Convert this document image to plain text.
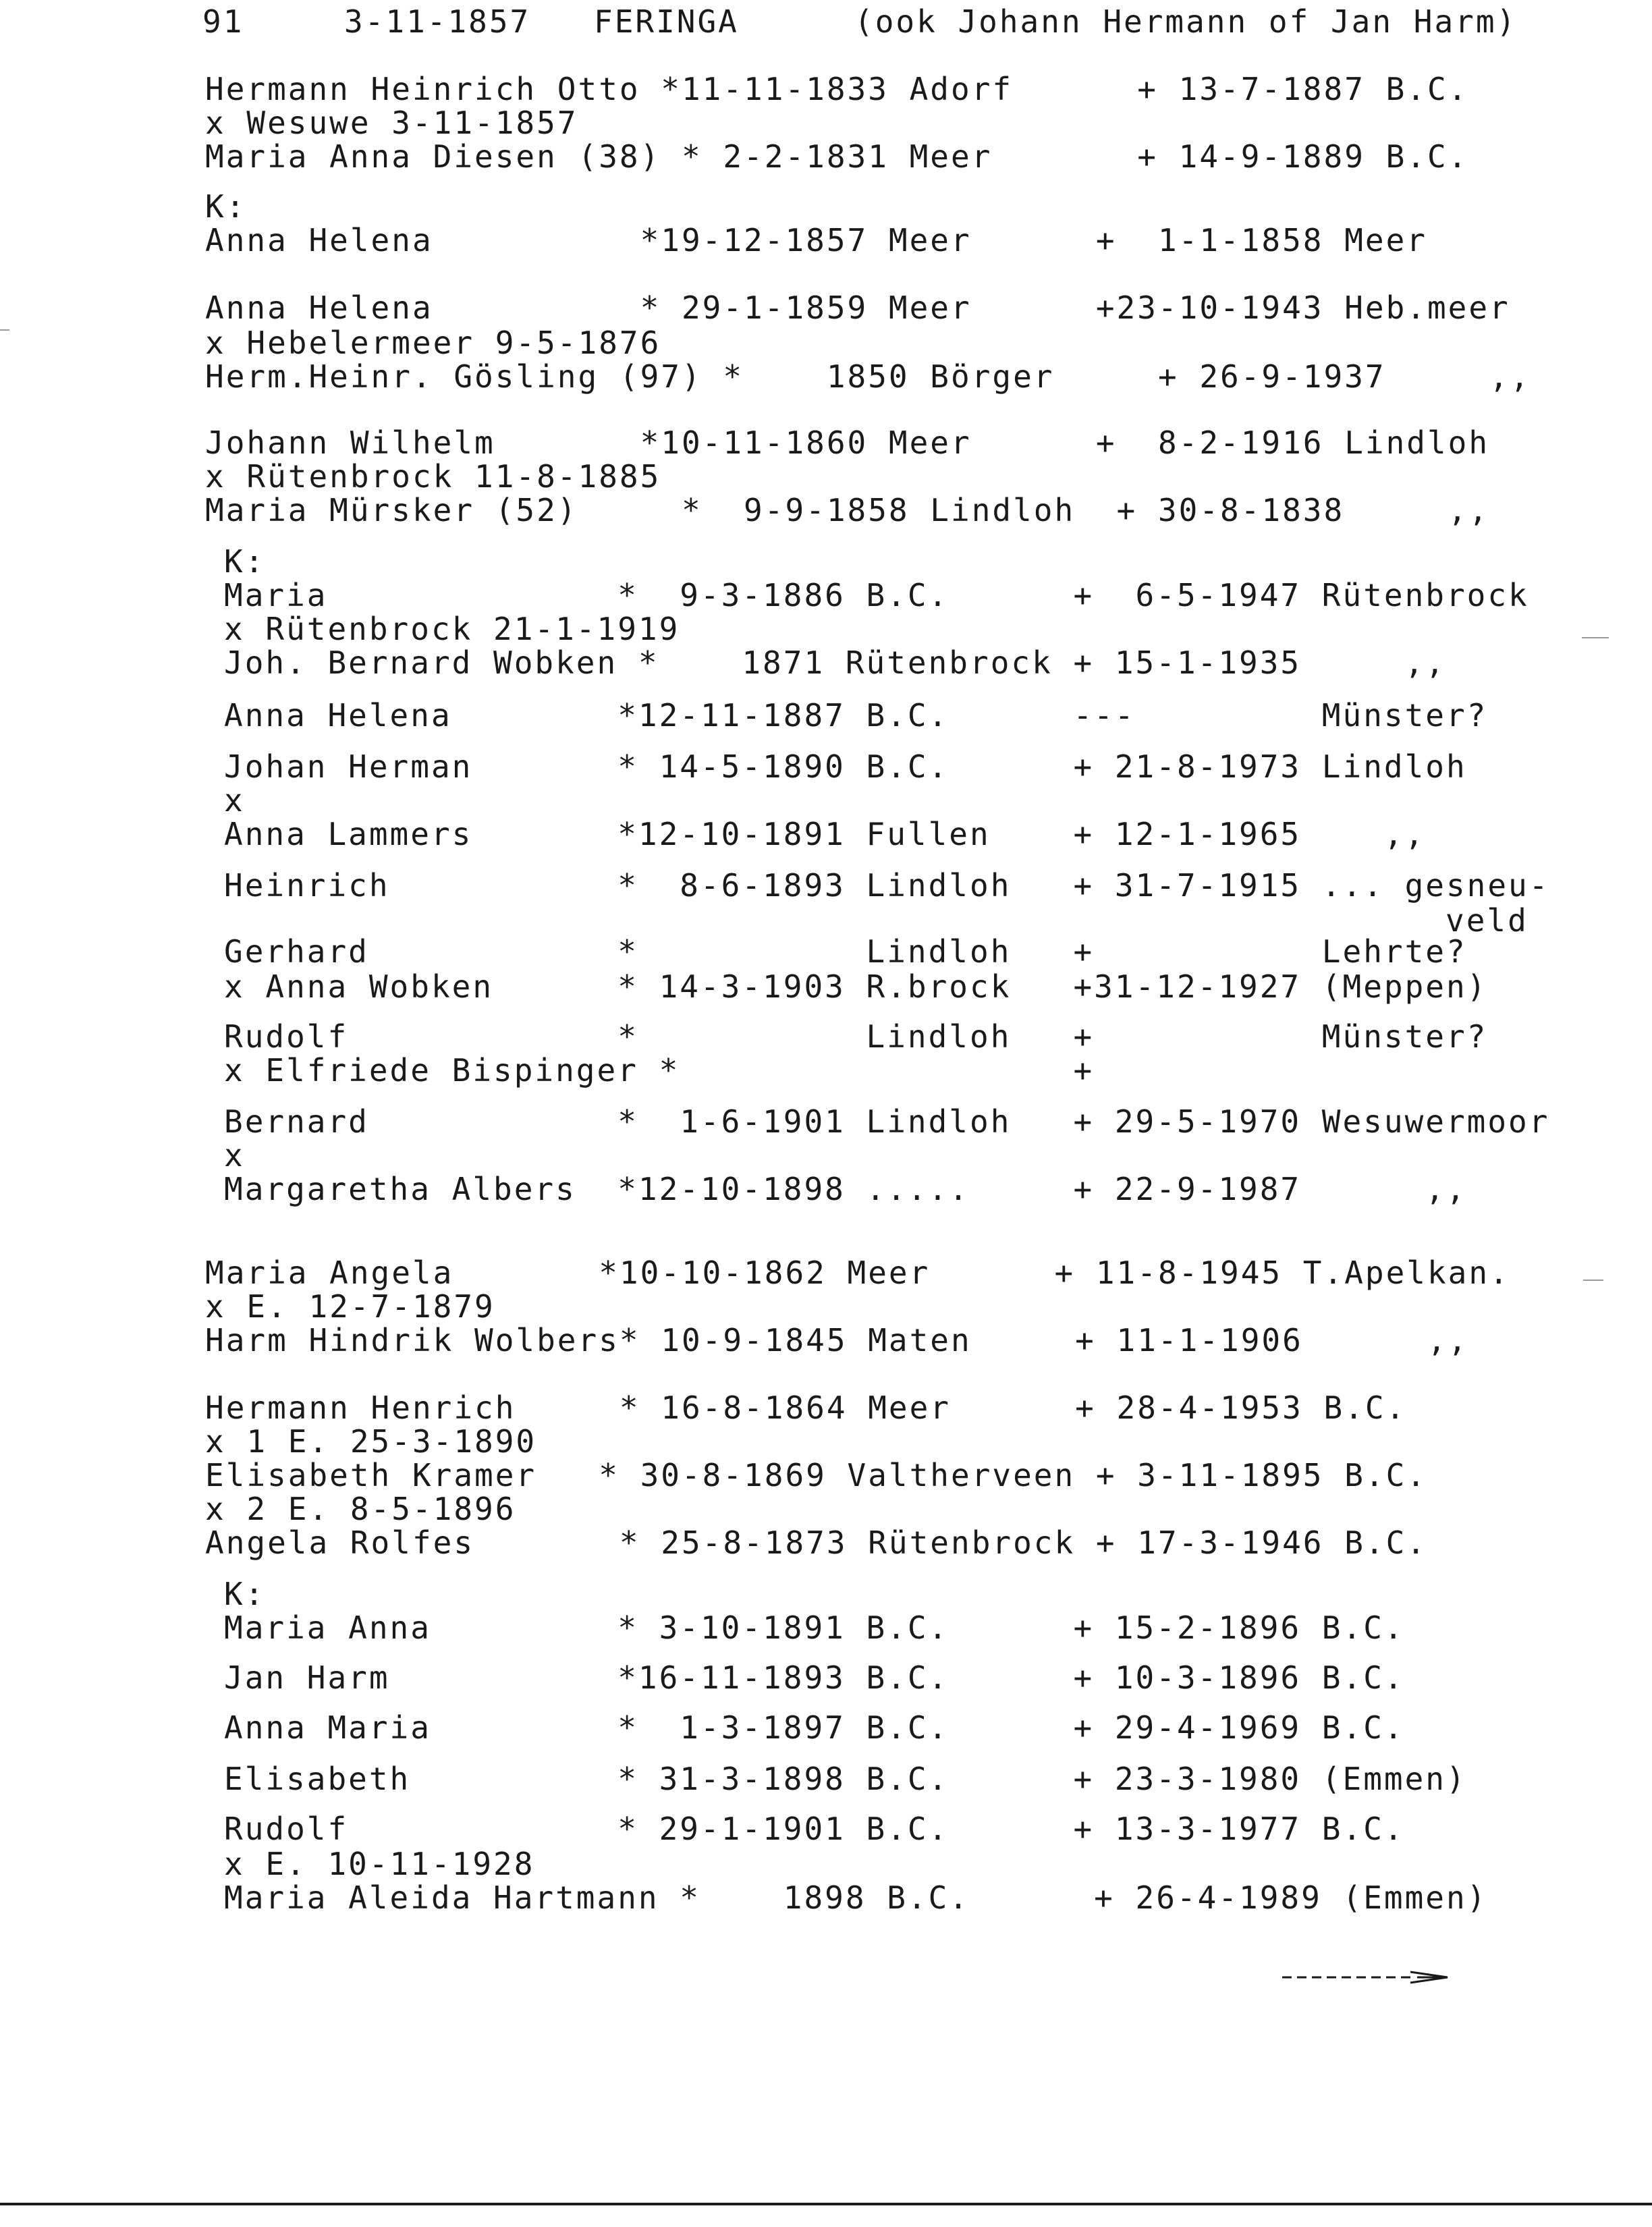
91	3-11-1857 FERINGA	(ook Johann Hermann of Jan Harm)
Hermann Heinrich Otto *11-11-1833 Adorf      + 13-7-1887 B.C.
x Wesuwe 3-11-1857
Maria Anna Diesen (38) * 2-2-1831 Meer       + 14-9-1889 B.C.
K:
Anna Helena          *19-12-1857 Meer      +  1-1-1858 Meer
Anna Helena          * 29-1-1859 Meer      +23-10-1943 Heb.meer
x Hebelermeer 9-5-1876
Herm.Heinr. Gösling (97) *    1850 Börger     + 26-9-1937     ,,
Johann Wilhelm       *10-11-1860 Meer      +  8-2-1916 Lindloh
x Rütenbrock 11-8-1885
Maria Mürsker (52)     *  9-9-1858 Lindloh  + 30-8-1838     ,,
K:
Maria              *  9-3-1886 B.C.      +  6-5-1947 Rütenbrock
x Rütenbrock 21-1-1919
Joh. Bernard Wobken *    1871 Rütenbrock + 15-1-1935     ,,
Anna Helena        *12-11-1887 B.C.      ---         Münster?
Johan Herman       * 14-5-1890 B.C.      + 21-8-1973 Lindloh
x
Anna Lammers       *12-10-1891 Fullen    + 12-1-1965    ,,
Heinrich           *  8-6-1893 Lindloh   + 31-7-1915 ... gesneu-
veld
Gerhard            *           Lindloh   +           Lehrte?
x Anna Wobken      * 14-3-1903 R.brock   +31-12-1927 (Meppen)
Rudolf             *           Lindloh   +           Münster?
x Elfriede Bispinger *                   +
Bernard            *  1-6-1901 Lindloh   + 29-5-1970 Wesuwermoor
x
Margaretha Albers  *12-10-1898 .....     + 22-9-1987      ,,
Maria Angela       *10-10-1862 Meer      + 11-8-1945 T.Apelkan.
x E. 12-7-1879
Harm Hindrik Wolbers* 10-9-1845 Maten     + 11-1-1906      ,,
Hermann Henrich     * 16-8-1864 Meer      + 28-4-1953 B.C.
x 1 E. 25-3-1890
Elisabeth Kramer   * 30-8-1869 Valtherveen + 3-11-1895 B.C.
x 2 E. 8-5-1896
Angela Rolfes       * 25-8-1873 Rütenbrock + 17-3-1946 B.C.
K:
Maria Anna         * 3-10-1891 B.C.      + 15-2-1896 B.C.
Jan Harm           *16-11-1893 B.C.      + 10-3-1896 B.C.
Anna Maria         *  1-3-1897 B.C.      + 29-4-1969 B.C.
Elisabeth          * 31-3-1898 B.C.      + 23-3-1980 (Emmen)
Rudolf             * 29-1-1901 B.C.      + 13-3-1977 B.C.
x E. 10-11-1928
Maria Aleida Hartmann *    1898 B.C.      + 26-4-1989 (Emmen)
